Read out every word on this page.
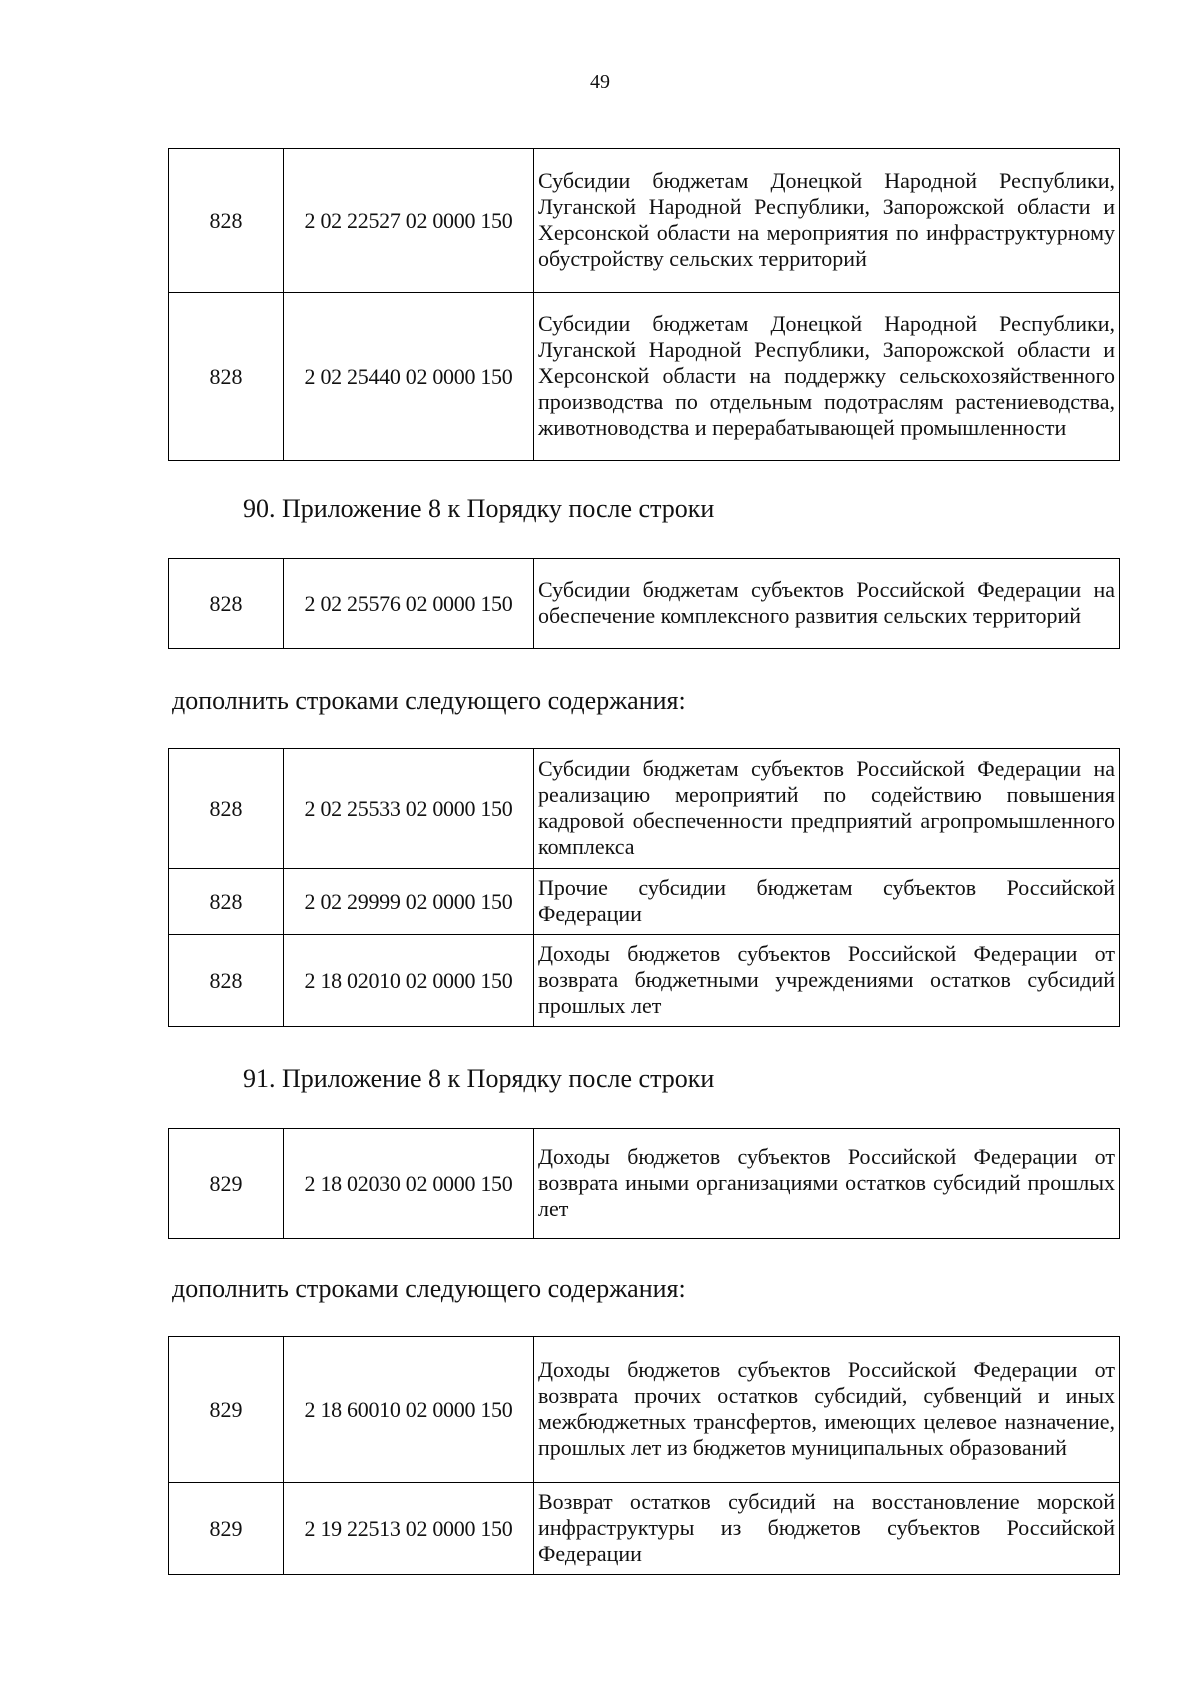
49
828	2 02 22527 02 0000 150	Субсидии бюджетам Донецкой Народной Республики, Луганской Народной Республики, Запорожской области и Херсонской области на мероприятия по инфраструктурному обустройству сельских территорий
828	2 02 25440 02 0000 150	Субсидии бюджетам Донецкой Народной Республики, Луганской Народной Республики, Запорожской области и Херсонской области на поддержку сельскохозяйственного производства по отдельным подотраслям растениеводства, животноводства и перерабатывающей промышленности
90. Приложение 8 к Порядку после строки
828	2 02 25576 02 0000 150	Субсидии бюджетам субъектов Российской Федерации на обеспечение комплексного развития сельских территорий
дополнить строками следующего содержания:
828	2 02 25533 02 0000 150	Субсидии бюджетам субъектов Российской Федерации на реализацию мероприятий по содействию повышения кадровой обеспеченности предприятий агропромышленного комплекса
828	2 02 29999 02 0000 150	Прочие субсидии бюджетам субъектов Российской Федерации
828	2 18 02010 02 0000 150	Доходы бюджетов субъектов Российской Федерации от возврата бюджетными учреждениями остатков субсидий прошлых лет
91. Приложение 8 к Порядку после строки
829	2 18 02030 02 0000 150	Доходы бюджетов субъектов Российской Федерации от возврата иными организациями остатков субсидий прошлых лет
дополнить строками следующего содержания:
829	2 18 60010 02 0000 150	Доходы бюджетов субъектов Российской Федерации от возврата прочих остатков субсидий, субвенций и иных межбюджетных трансфертов, имеющих целевое назначение, прошлых лет из бюджетов муниципальных образований
829	2 19 22513 02 0000 150	Возврат остатков субсидий на восстановление морской инфраструктуры из бюджетов субъектов Российской Федерации
